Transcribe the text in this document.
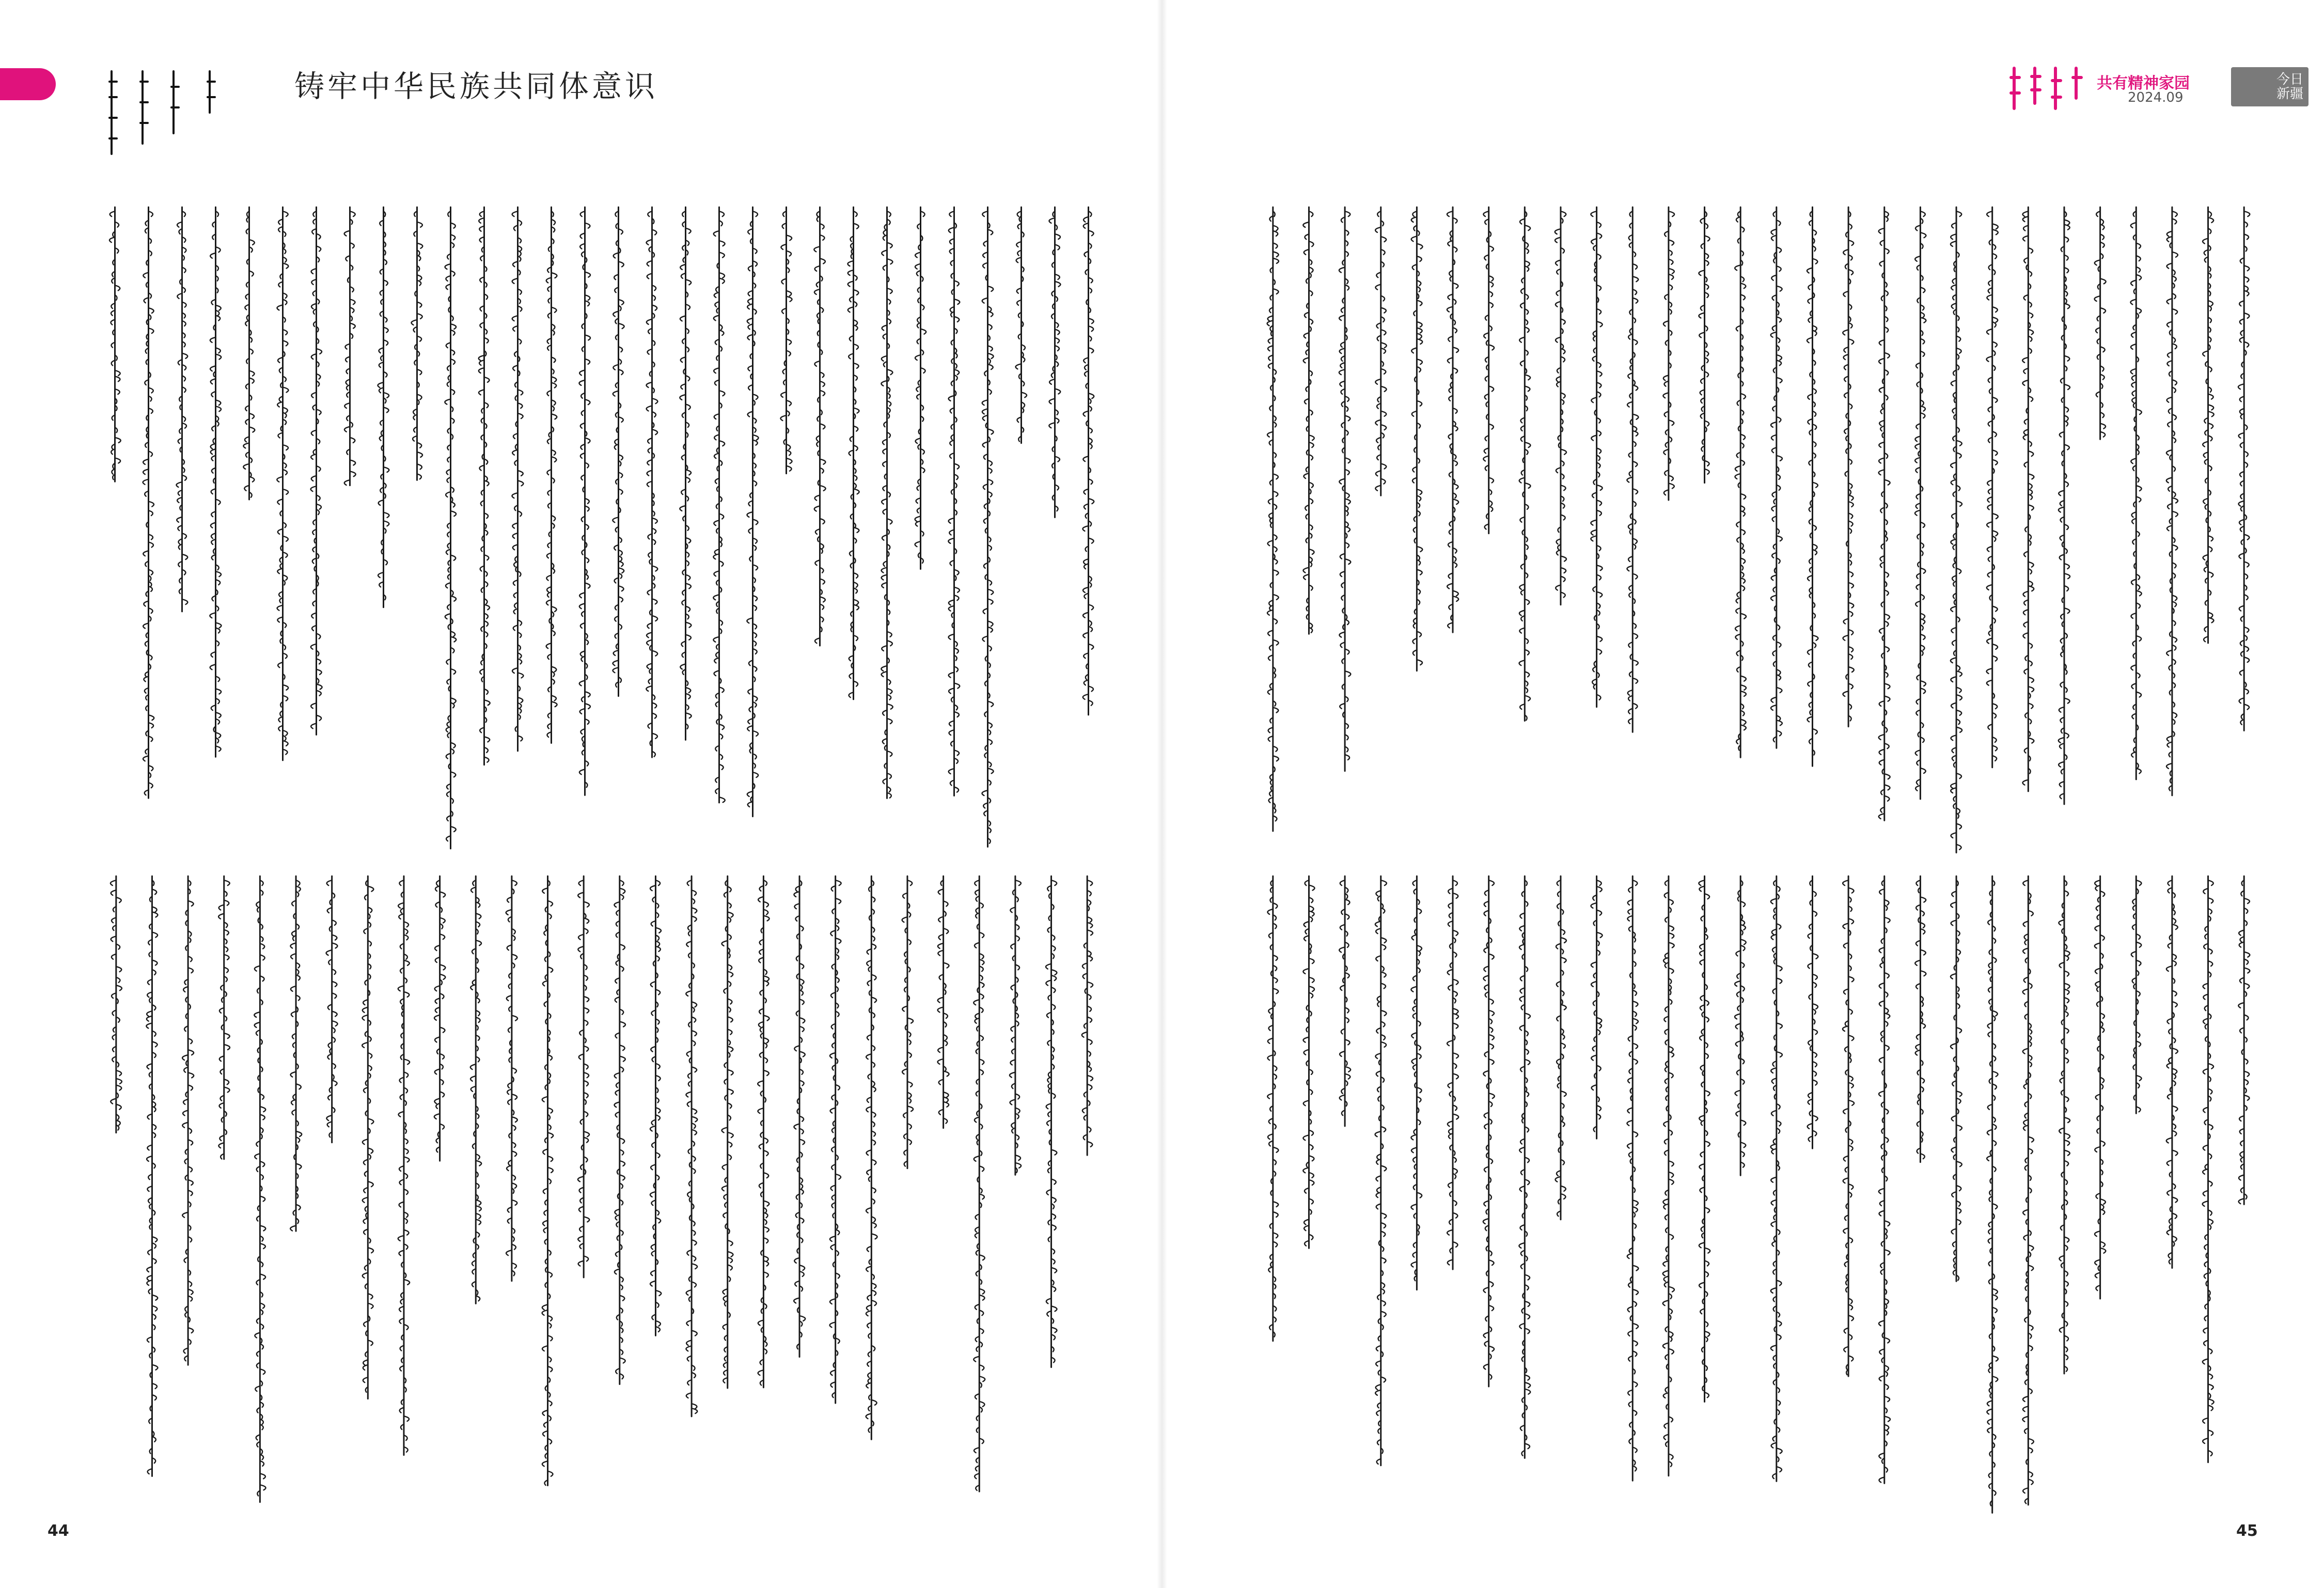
铸牢中华民族共同体意识
44
共有精神家园
2024.09
今日
新疆
45
